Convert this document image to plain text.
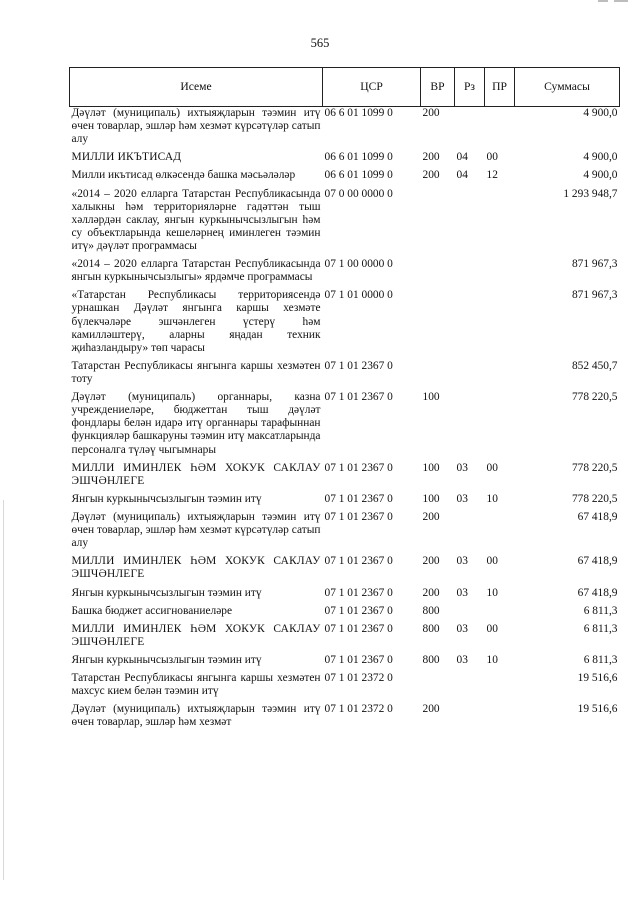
565
Исеме	ЦСР	ВР	Рз	ПР	Суммасы
Дәүләт (муниципаль) ихтыяҗларын тәэмин итү өчен товарлар, эшләр һәм хезмәт күрсәтүләр сатып алу	06 6 01 1099 0	200			4 900,0
МИЛЛИ ИКЪТИСАД	06 6 01 1099 0	200	04	00	4 900,0
Милли икътисад өлкәсендә башка мәсьәләләр	06 6 01 1099 0	200	04	12	4 900,0
«2014 – 2020 елларга Татарстан Республикасында халыкны һәм территорияләрне гадәттән тыш хәлләрдән саклау, янгын куркынычсызлыгын һәм су объектларында кешеләрнең иминлеген тәэмин итү» дәүләт программасы	07 0 00 0000 0				1 293 948,7
«2014 – 2020 елларга Татарстан Республикасында янгын куркынычсызлыгы» ярдәмче программасы	07 1 00 0000 0				871 967,3
«Татарстан Республикасы территориясендә урнашкан Дәүләт янгынга каршы хезмәте бүлекчәләре эшчәнлеген үстерү һәм камилләштерү, аларны яңадан техник җиһазландыру» төп чарасы	07 1 01 0000 0				871 967,3
Татарстан Республикасы янгынга каршы хезмәтен тоту	07 1 01 2367 0				852 450,7
Дәүләт (муниципаль) органнары, казна учреждениеләре, бюджеттан тыш дәүләт фондлары белән идарә итү органнары тарафыннан функцияләр башкаруны тәэмин итү максатларында персоналга түләү чыгымнары	07 1 01 2367 0	100			778 220,5
МИЛЛИ ИМИНЛЕК ҺӘМ ХОКУК САКЛАУ ЭШЧӘНЛЕГЕ	07 1 01 2367 0	100	03	00	778 220,5
Янгын куркынычсызлыгын тәэмин итү	07 1 01 2367 0	100	03	10	778 220,5
Дәүләт (муниципаль) ихтыяҗларын тәэмин итү өчен товарлар, эшләр һәм хезмәт күрсәтүләр сатып алу	07 1 01 2367 0	200			67 418,9
МИЛЛИ ИМИНЛЕК ҺӘМ ХОКУК САКЛАУ ЭШЧӘНЛЕГЕ	07 1 01 2367 0	200	03	00	67 418,9
Янгын куркынычсызлыгын тәэмин итү	07 1 01 2367 0	200	03	10	67 418,9
Башка бюджет ассигнованиеләре	07 1 01 2367 0	800			6 811,3
МИЛЛИ ИМИНЛЕК ҺӘМ ХОКУК САКЛАУ ЭШЧӘНЛЕГЕ	07 1 01 2367 0	800	03	00	6 811,3
Янгын куркынычсызлыгын тәэмин итү	07 1 01 2367 0	800	03	10	6 811,3
Татарстан Республикасы янгынга каршы хезмәтен махсус кием белән тәэмин итү	07 1 01 2372 0				19 516,6
Дәүләт (муниципаль) ихтыяҗларын тәэмин итү өчен товарлар, эшләр һәм хезмәт	07 1 01 2372 0	200			19 516,6
